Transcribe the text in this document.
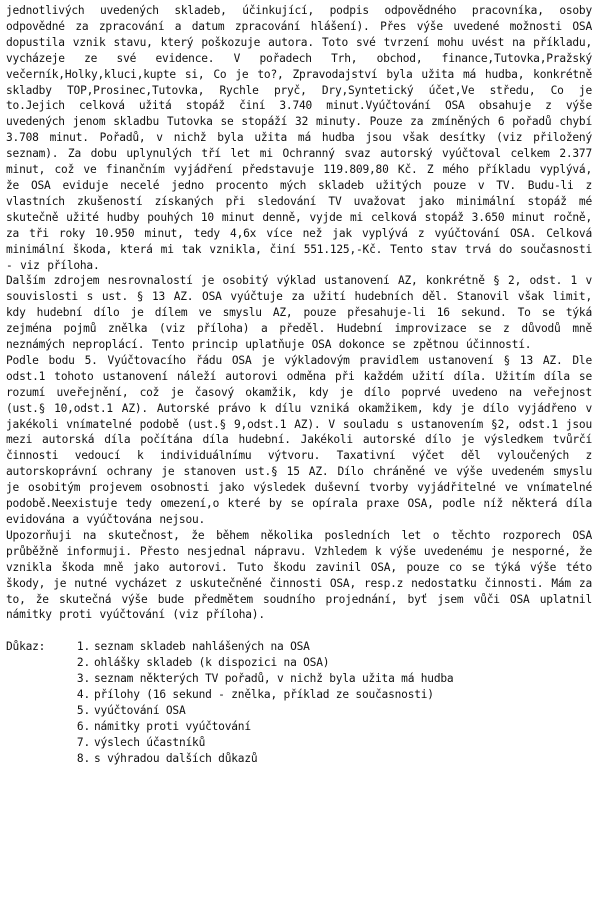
jednotlivých uvedených skladeb, účinkující, podpis odpovědného pracovníka, osoby odpovědné za zpracování a datum zpracování hlášení). Přes výše uvedené možnosti OSA dopustila vznik stavu, který poškozuje autora. Toto své tvrzení mohu uvést na příkladu, vycházeje ze své evidence. V pořadech Trh, obchod, finance,Tutovka,Pražský večerník,Holky,kluci,kupte si, Co je to?, Zpravodajství byla užita má hudba, konkrétně skladby TOP,Prosinec,Tutovka, Rychle pryč, Dry,Syntetický účet,Ve středu, Co je to.Jejich celková užitá stopáž činí 3.740 minut.Vyúčtování OSA obsahuje z výše uvedených jenom skladbu Tutovka se stopáží 32 minuty. Pouze za zmíněných 6 pořadů chybí 3.708 minut. Pořadů, v nichž byla užita má hudba jsou však desítky (viz přiložený seznam). Za dobu uplynulých tří let mi Ochranný svaz autorský vyúčtoval celkem 2.377 minut, což ve finančním vyjádření představuje 119.809,80 Kč. Z mého příkladu vyplývá, že OSA eviduje necelé jedno procento mých skladeb užitých pouze v TV. Budu-li z vlastních zkušeností získaných při sledování TV uvažovat jako minimální stopáž mé skutečně užité hudby pouhých 10 minut denně, vyjde mi celková stopáž 3.650 minut ročně, za tři roky 10.950 minut, tedy 4,6x více než jak vyplývá z vyúčtování OSA. Celková minimální škoda, která mi tak vznikla, činí 551.125,-Kč. Tento stav trvá do současnosti - viz příloha.

Dalším zdrojem nesrovnalostí je osobitý výklad ustanovení AZ, konkrétně § 2, odst. 1 v souvislosti s ust. § 13 AZ. OSA vyúčtuje za užití hudebních děl. Stanovil však limit, kdy hudební dílo je dílem ve smyslu AZ, pouze přesahuje-li 16 sekund. To se týká zejména pojmů znělka (viz příloha) a předěl. Hudební improvizace se z důvodů mně neznámých neproplácí. Tento princip uplatňuje OSA dokonce se zpětnou účinností.

Podle bodu 5. Vyúčtovacího řádu OSA je výkladovým pravidlem ustanovení § 13 AZ. Dle odst.1 tohoto ustanovení náleží autorovi odměna při každém užití díla. Užitím díla se rozumí uveřejnění, což je časový okamžik, kdy je dílo poprvé uvedeno na veřejnost (ust.§ 10,odst.1 AZ). Autorské právo k dílu vzniká okamžikem, kdy je dílo vyjádřeno v jakékoli vnímatelné podobě (ust.§ 9,odst.1 AZ). V souladu s ustanovením §2, odst.1 jsou mezi autorská díla počítána díla hudební. Jakékoli autorské dílo je výsledkem tvůrčí činnosti vedoucí k individuálnímu výtvoru. Taxativní výčet děl vyloučených z autorskoprávní ochrany je stanoven ust.§ 15 AZ. Dílo chráněné ve výše uvedeném smyslu je osobitým projevem osobnosti jako výsledek duševní tvorby vyjádřitelné ve vnímatelné podobě.Neexistuje tedy omezení,o které by se opírala praxe OSA, podle níž některá díla evidována a vyúčtována nejsou.

Upozorňuji na skutečnost, že během několika posledních let o těchto rozporech OSA průběžně informuji. Přesto nesjednal nápravu. Vzhledem k výše uvedenému je nesporné, že vznikla škoda mně jako autorovi. Tuto škodu zavinil OSA, pouze co se týká výše této škody, je nutné vycházet z uskutečněné činnosti OSA, resp.z nedostatku činnosti. Mám za to, že skutečná výše bude předmětem soudního projednání, byť jsem vůči OSA uplatnil námitky proti vyúčtování (viz příloha).

Důkaz:	1. seznam skladeb nahlášených na OSA
2. ohlášky skladeb (k dispozici na OSA)
3. seznam některých TV pořadů, v nichž byla užita má hudba
4. přílohy (16 sekund - znělka, příklad ze současnosti)
5. vyúčtování OSA
6. námitky proti vyúčtování
7. výslech účastníků
8. s výhradou dalších důkazů
